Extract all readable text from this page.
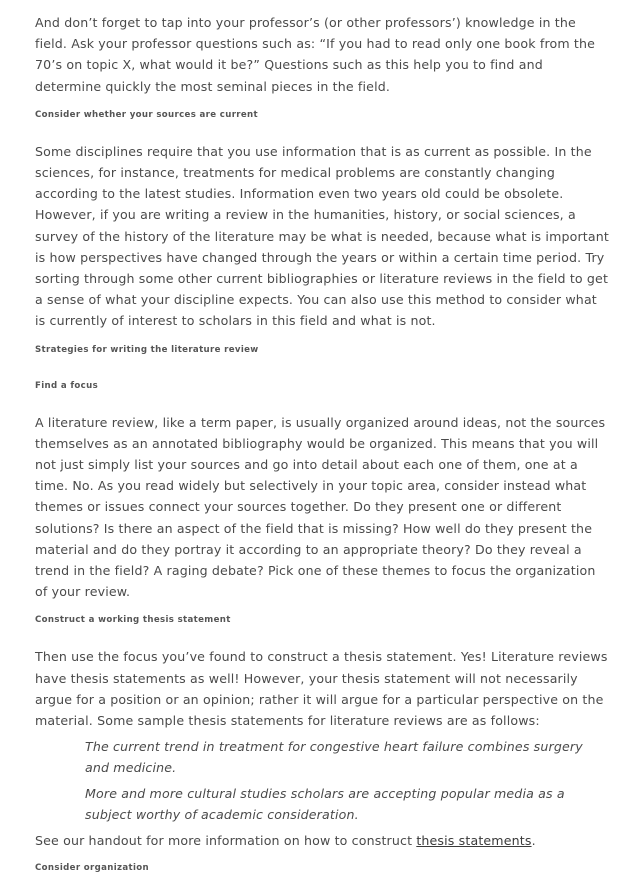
And don’t forget to tap into your professor’s (or other professors’) knowledge in the field. Ask your professor questions such as: “If you had to read only one book from the 70’s on topic X, what would it be?” Questions such as this help you to find and determine quickly the most seminal pieces in the field.

Consider whether your sources are current

Some disciplines require that you use information that is as current as possible. In the sciences, for instance, treatments for medical problems are constantly changing according to the latest studies. Information even two years old could be obsolete. However, if you are writing a review in the humanities, history, or social sciences, a survey of the history of the literature may be what is needed, because what is important is how perspectives have changed through the years or within a certain time period. Try sorting through some other current bibliographies or literature reviews in the field to get a sense of what your discipline expects. You can also use this method to consider what is currently of interest to scholars in this field and what is not.

Strategies for writing the literature review

Find a focus

A literature review, like a term paper, is usually organized around ideas, not the sources themselves as an annotated bibliography would be organized. This means that you will not just simply list your sources and go into detail about each one of them, one at a time. No. As you read widely but selectively in your topic area, consider instead what themes or issues connect your sources together. Do they present one or different solutions? Is there an aspect of the field that is missing? How well do they present the material and do they portray it according to an appropriate theory? Do they reveal a trend in the field? A raging debate? Pick one of these themes to focus the organization of your review.

Construct a working thesis statement

Then use the focus you’ve found to construct a thesis statement. Yes! Literature reviews have thesis statements as well! However, your thesis statement will not necessarily argue for a position or an opinion; rather it will argue for a particular perspective on the material. Some sample thesis statements for literature reviews are as follows:

The current trend in treatment for congestive heart failure combines surgery and medicine.

More and more cultural studies scholars are accepting popular media as a subject worthy of academic consideration.

See our handout for more information on how to construct thesis statements.

Consider organization
